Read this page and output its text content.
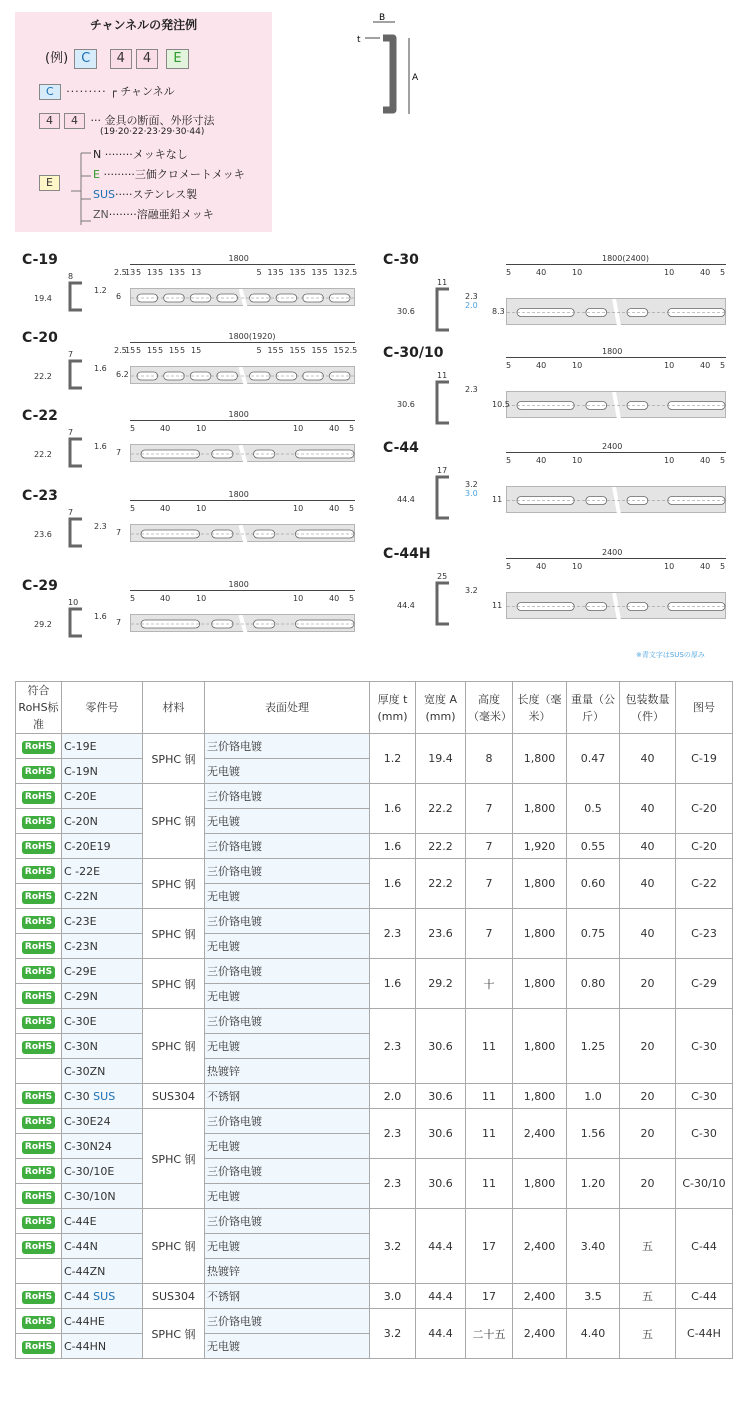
チャンネルの発注例
(例) C 4 4 E
C ········· ┌ チャンネル
4 4 ··· 金具の断面、外形寸法
(19·20·22·23·29·30·44)
E
N ········メッキなし
E ·········三価クロメートメッキ
SUS·····ステンレス製
ZN········溶融亜鉛メッキ
B
A
t
C-19
8
19.4
1.2
6
1800
2.5
13 5 13 5 13 5 13	5 13 5 13 5 13 5 13 2.5
C-20
7
22.2
1.6
6.2
1800(1920)
2.5
15 5 15 5 15 5 15	5 15 5 15 5 15 5 15 2.5
C-22
7
22.2
1.6
7
1800
5	40	10	10	40 5
C-23
7
23.6
2.3
7
1800
5	40	10	10	40 5
C-29
10
29.2
1.6
7
1800
5	40	10	10	40 5
C-30
11
30.6
2.3
2.0
8.3
1800(2400)
5	40	10	10	40 5
C-30/10
11
30.6
2.3
10.5
1800
5	40	10	10	40 5
C-44
17
44.4
3.2
3.0
11
2400
5	40	10	10	40 5
C-44H
25
44.4
3.2
11
2400
5	40	10	10	40 5
※青文字はSUSの厚み
符合RoHS标准	零件号	材料	表面处理	厚度 t (mm)	宽度 A (mm)	高度（毫米）	长度（毫米）	重量（公斤）	包装数量（件）	图号
RoHS	C-19E	SPHC 钢	三价铬电镀	1.2	19.4	8	1,800	0.47	40	C-19
RoHS	C-19N		无电镀							
RoHS	C-20E	SPHC 钢	三价铬电镀	1.6	22.2	7	1,800	0.5	40	C-20
RoHS	C-20N		无电镀							
RoHS	C-20E19		三价铬电镀	1.6	22.2	7	1,920	0.55	40	C-20
RoHS	C -22E	SPHC 钢	三价铬电镀	1.6	22.2	7	1,800	0.60	40	C-22
RoHS	C-22N		无电镀							
RoHS	C-23E	SPHC 钢	三价铬电镀	2.3	23.6	7	1,800	0.75	40	C-23
RoHS	C-23N		无电镀							
RoHS	C-29E	SPHC 钢	三价铬电镀	1.6	29.2	十	1,800	0.80	20	C-29
RoHS	C-29N		无电镀							
RoHS	C-30E	SPHC 钢	三价铬电镀	2.3	30.6	11	1,800	1.25	20	C-30
RoHS	C-30N		无电镀							
	C-30ZN		热镀锌							
RoHS	C-30 SUS	SUS304	不锈钢	2.0	30.6	11	1,800	1.0	20	C-30
RoHS	C-30E24	SPHC 钢	三价铬电镀	2.3	30.6	11	2,400	1.56	20	C-30
RoHS	C-30N24		无电镀							
RoHS	C-30/10E		三价铬电镀	2.3	30.6	11	1,800	1.20	20	C-30/10
RoHS	C-30/10N		无电镀							
RoHS	C-44E	SPHC 钢	三价铬电镀	3.2	44.4	17	2,400	3.40	五	C-44
RoHS	C-44N		无电镀							
	C-44ZN		热镀锌							
RoHS	C-44 SUS	SUS304	不锈钢	3.0	44.4	17	2,400	3.5	五	C-44
RoHS	C-44HE	SPHC 钢	三价铬电镀	3.2	44.4	二十五	2,400	4.40	五	C-44H
RoHS	C-44HN		无电镀							
